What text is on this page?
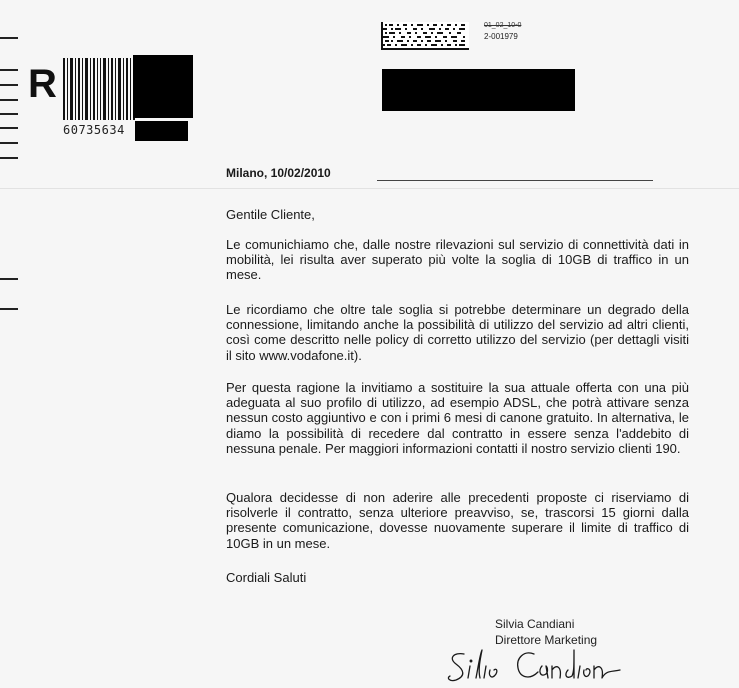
R
60735634
01_02_10-0
2-001979
Milano, 10/02/2010
Gentile Cliente,

Le comunichiamo che, dalle nostre rilevazioni sul servizio di connettività dati in mobilità, lei risulta aver superato più volte la soglia di 10GB di traffico in un mese.

Le ricordiamo che oltre tale soglia si potrebbe determinare un degrado della connessione, limitando anche la possibilità di utilizzo del servizio ad altri clienti, così come descritto nelle policy di corretto utilizzo del servizio (per dettagli visiti il sito www.vodafone.it).

Per questa ragione la invitiamo a sostituire la sua attuale offerta con una più adeguata al suo profilo di utilizzo, ad esempio ADSL, che potrà attivare senza nessun costo aggiuntivo e con i primi 6 mesi di canone gratuito. In alternativa, le diamo la possibilità di recedere dal contratto in essere senza l'addebito di nessuna penale. Per maggiori informazioni contatti il nostro servizio clienti 190.

Qualora decidesse di non aderire alle precedenti proposte ci riserviamo di risolverle il contratto, senza ulteriore preavviso, se, trascorsi 15 giorni dalla presente comunicazione, dovesse nuovamente superare il limite di traffico di 10GB in un mese.

Cordiali Saluti
Silvia Candiani
Direttore Marketing
Silvia Candiani
